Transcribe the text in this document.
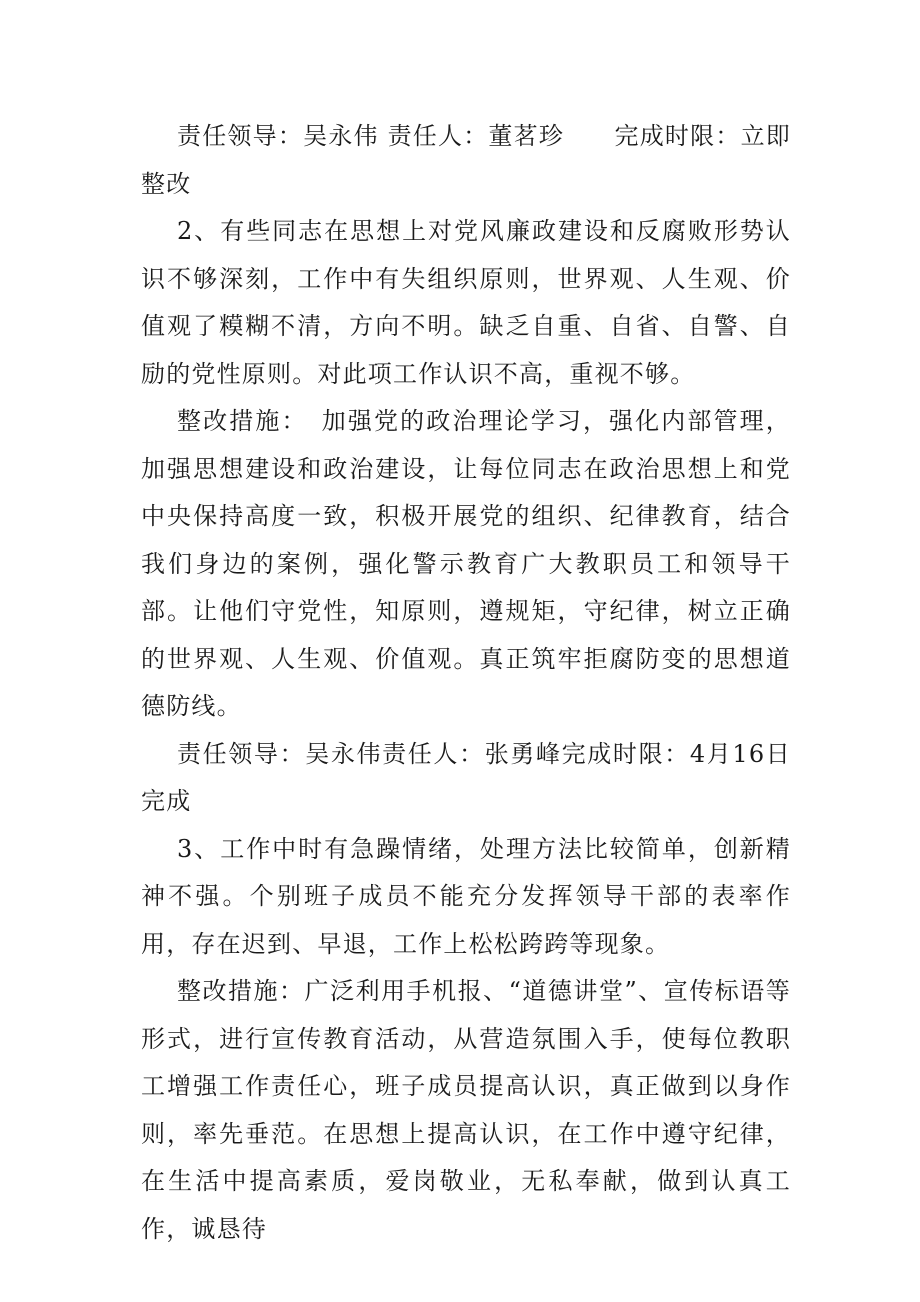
责任领导：吴永伟 责任人：董茗珍　　完成时限：立即整改

2、有些同志在思想上对党风廉政建设和反腐败形势认识不够深刻，工作中有失组织原则，世界观、人生观、价值观了糢糊不清，方向不明。缺乏自重、自省、自警、自励的党性原则。对此项工作认识不高，重视不够。

整改措施：　加强党的政治理论学习，强化内部管理，加强思想建设和政治建设，让每位同志在政治思想上和党中央保持高度一致，积极开展党的组织、纪律教育，结合我们身边的案例，强化警示教育广大教职员工和领导干部。让他们守党性，知原则，遵规矩，守纪律，树立正确的世界观、人生观、价值观。真正筑牢拒腐防变的思想道德防线。

责任领导：吴永伟责任人：张勇峰完成时限：4月16日完成

3、工作中时有急躁情绪，处理方法比较简单，创新精神不强。个别班子成员不能充分发挥领导干部的表率作用，存在迟到、早退，工作上松松跨跨等现象。

整改措施：广泛利用手机报、“道德讲堂”、宣传标语等形式，进行宣传教育活动，从营造氛围入手，使每位教职工增强工作责任心，班子成员提高认识，真正做到以身作则，率先垂范。在思想上提高认识，在工作中遵守纪律，在生活中提高素质，爱岗敬业，无私奉献，做到认真工作，诚恳待
